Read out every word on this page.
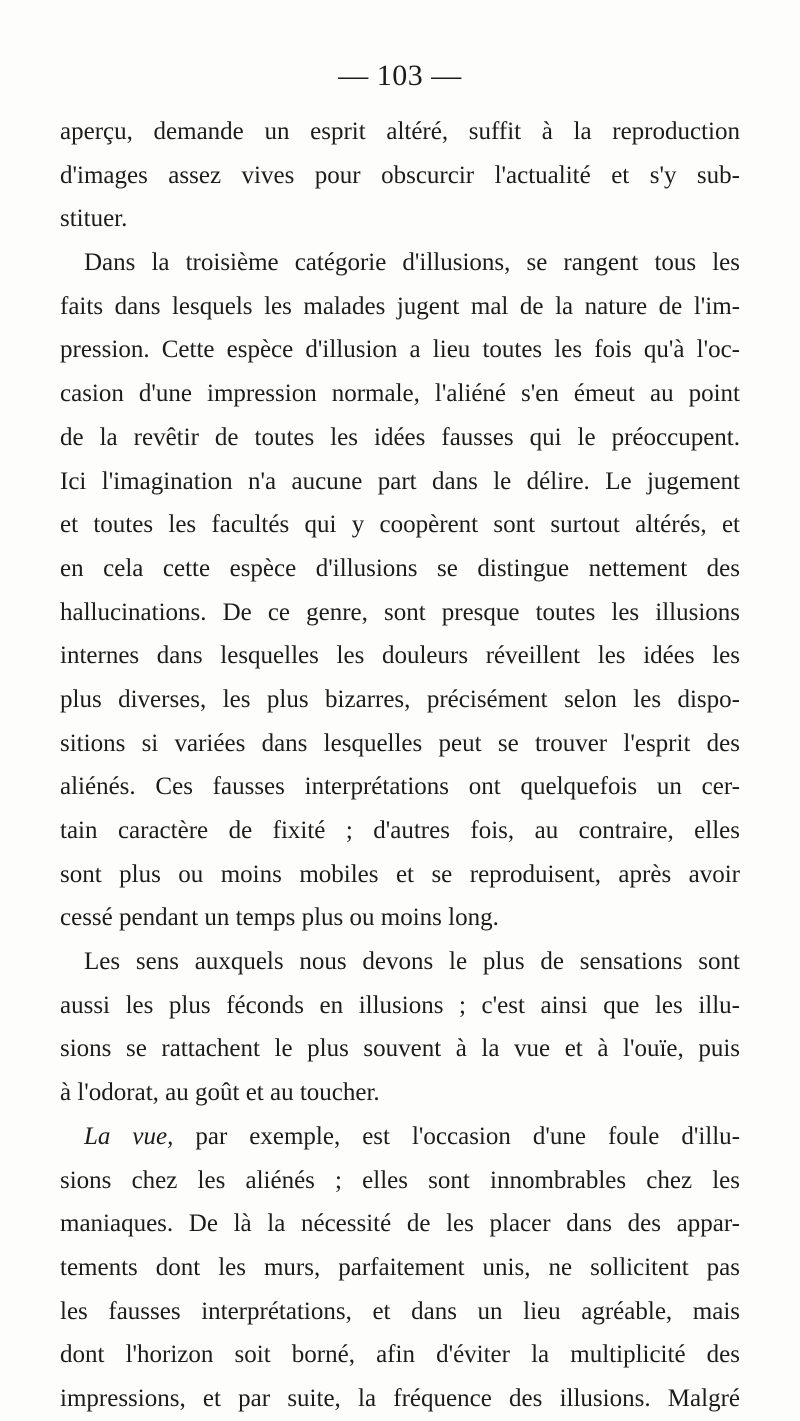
— 103 —
aperçu, demande un esprit altéré, suffit à la reproduction
d'images assez vives pour obscurcir l'actualité et s'y sub-
stituer.
Dans la troisième catégorie d'illusions, se rangent tous les
faits dans lesquels les malades jugent mal de la nature de l'im-
pression. Cette espèce d'illusion a lieu toutes les fois qu'à l'oc-
casion d'une impression normale, l'aliéné s'en émeut au point
de la revêtir de toutes les idées fausses qui le préoccupent.
Ici l'imagination n'a aucune part dans le délire. Le jugement
et toutes les facultés qui y coopèrent sont surtout altérés, et
en cela cette espèce d'illusions se distingue nettement des
hallucinations. De ce genre, sont presque toutes les illusions
internes dans lesquelles les douleurs réveillent les idées les
plus diverses, les plus bizarres, précisément selon les dispo-
sitions si variées dans lesquelles peut se trouver l'esprit des
aliénés. Ces fausses interprétations ont quelquefois un cer-
tain caractère de fixité ; d'autres fois, au contraire, elles
sont plus ou moins mobiles et se reproduisent, après avoir
cessé pendant un temps plus ou moins long.
Les sens auxquels nous devons le plus de sensations sont
aussi les plus féconds en illusions ; c'est ainsi que les illu-
sions se rattachent le plus souvent à la vue et à l'ouïe, puis
à l'odorat, au goût et au toucher.
La vue, par exemple, est l'occasion d'une foule d'illu-
sions chez les aliénés ; elles sont innombrables chez les
maniaques. De là la nécessité de les placer dans des appar-
tements dont les murs, parfaitement unis, ne sollicitent pas
les fausses interprétations, et dans un lieu agréable, mais
dont l'horizon soit borné, afin d'éviter la multiplicité des
impressions, et par suite, la fréquence des illusions. Malgré
